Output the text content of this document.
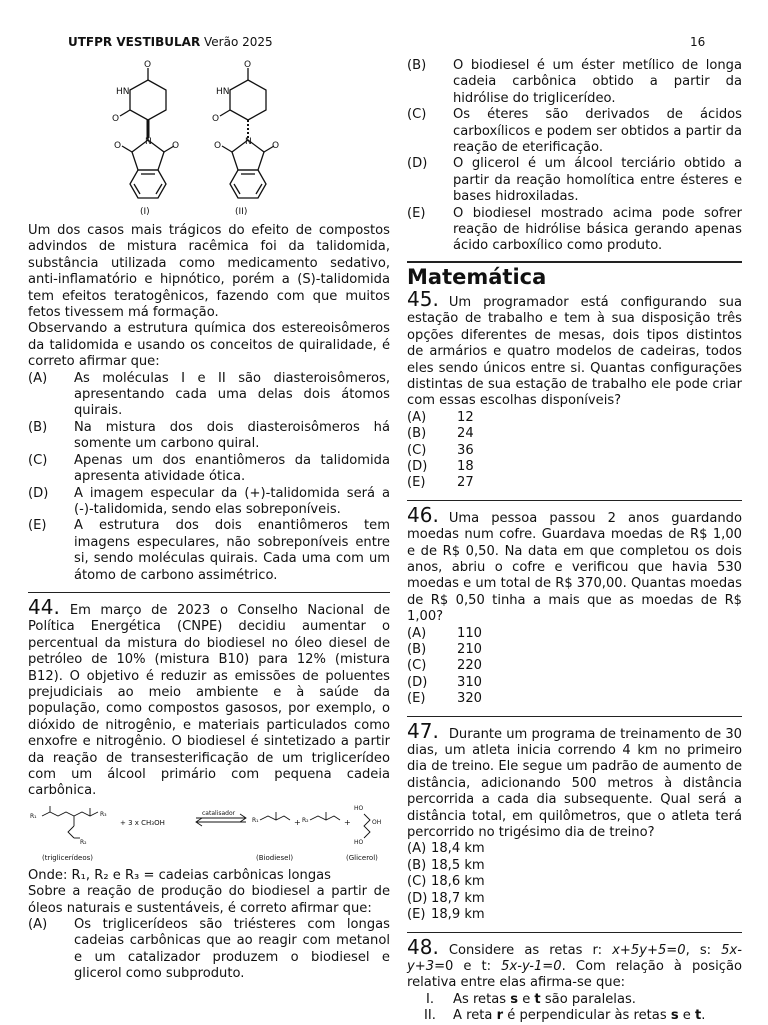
UTFPR VESTIBULAR Verão 2025	16
O
HN
O
N O
O
O
HN
O
N O
O
(I)	(II)

Um dos casos mais trágicos do efeito de compostos advindos de mistura racêmica foi da talidomida, substância utilizada como medicamento sedativo, anti-inflamatório e hipnótico, porém a (S)-talidomida tem efeitos teratogênicos, fazendo com que muitos fetos tivessem má formação.

Observando a estrutura química dos estereoisômeros da talidomida e usando os conceitos de quiralidade, é correto afirmar que:

(A)	As moléculas I e II são diasteroisômeros, apresentando cada uma delas dois átomos quirais.
(B)	Na mistura dos dois diasteroisômeros há somente um carbono quiral.
(C)	Apenas um dos enantiômeros da talidomida apresenta atividade ótica.
(D)	A imagem especular da (+)-talidomida será a (-)-talidomida, sendo elas sobreponíveis.
(E)	A estrutura dos dois enantiômeros tem imagens especulares, não sobreponíveis entre si, sendo moléculas quirais. Cada uma com um átomo de carbono assimétrico.

44. Em março de 2023 o Conselho Nacional de Política Energética (CNPE) decidiu aumentar o percentual da mistura do biodiesel no óleo diesel de petróleo de 10% (mistura B10) para 12% (mistura B12). O objetivo é reduzir as emissões de poluentes prejudiciais ao meio ambiente e à saúde da população, como compostos gasosos, por exemplo, o dióxido de nitrogênio, e materiais particulados como enxofre e nitrogênio. O biodiesel é sintetizado a partir da reação de transesterificação de um triglicerídeo com um álcool primário com pequena cadeia carbônica.

R₁	R₃
R₂
R₁	R₂
HO
OH
HO
+ 3 x CH₃OH
catalisador
+	+
(triglicerídeos)	(Biodiesel)	(Glicerol)

Onde: R₁, R₂ e R₃ = cadeias carbônicas longas

Sobre a reação de produção do biodiesel a partir de óleos naturais e sustentáveis, é correto afirmar que:

(A)	Os triglicerídeos são triésteres com longas cadeias carbônicas que ao reagir com metanol e um catalizador produzem o biodiesel e glicerol como subproduto.
(B)	O biodiesel é um éster metílico de longa cadeia carbônica obtido a partir da hidrólise do triglicerídeo.
(C)	Os éteres são derivados de ácidos carboxílicos e podem ser obtidos a partir da reação de eterificação.
(D)	O glicerol é um álcool terciário obtido a partir da reação homolítica entre ésteres e bases hidroxiladas.
(E)	O biodiesel mostrado acima pode sofrer reação de hidrólise básica gerando apenas ácido carboxílico como produto.
Matemática

45. Um programador está configurando sua estação de trabalho e tem à sua disposição três opções diferentes de mesas, dois tipos distintos de armários e quatro modelos de cadeiras, todos eles sendo únicos entre si. Quantas configurações distintas de sua estação de trabalho ele pode criar com essas escolhas disponíveis?

(A)	12
(B)	24
(C)	36
(D)	18
(E)	27

46. Uma pessoa passou 2 anos guardando moedas num cofre. Guardava moedas de R$ 1,00 e de R$ 0,50. Na data em que completou os dois anos, abriu o cofre e verificou que havia 530 moedas e um total de R$ 370,00. Quantas moedas de R$ 0,50 tinha a mais que as moedas de R$ 1,00?

(A)	110
(B)	210
(C)	220
(D)	310
(E)	320

47. Durante um programa de treinamento de 30 dias, um atleta inicia correndo 4 km no primeiro dia de treino. Ele segue um padrão de aumento de distância, adicionando 500 metros à distância percorrida a cada dia subsequente. Qual será a distância total, em quilômetros, que o atleta terá percorrido no trigésimo dia de treino?

(A) 18,4 km
(B) 18,5 km
(C) 18,6 km
(D) 18,7 km
(E) 18,9 km

48. Considere as retas r: x+5y+5=0, s: 5x-y+3=0 e t: 5x-y-1=0. Com relação à posição relativa entre elas afirma-se que:

I.	As retas s e t são paralelas.
II.	A reta r é perpendicular às retas s e t.
